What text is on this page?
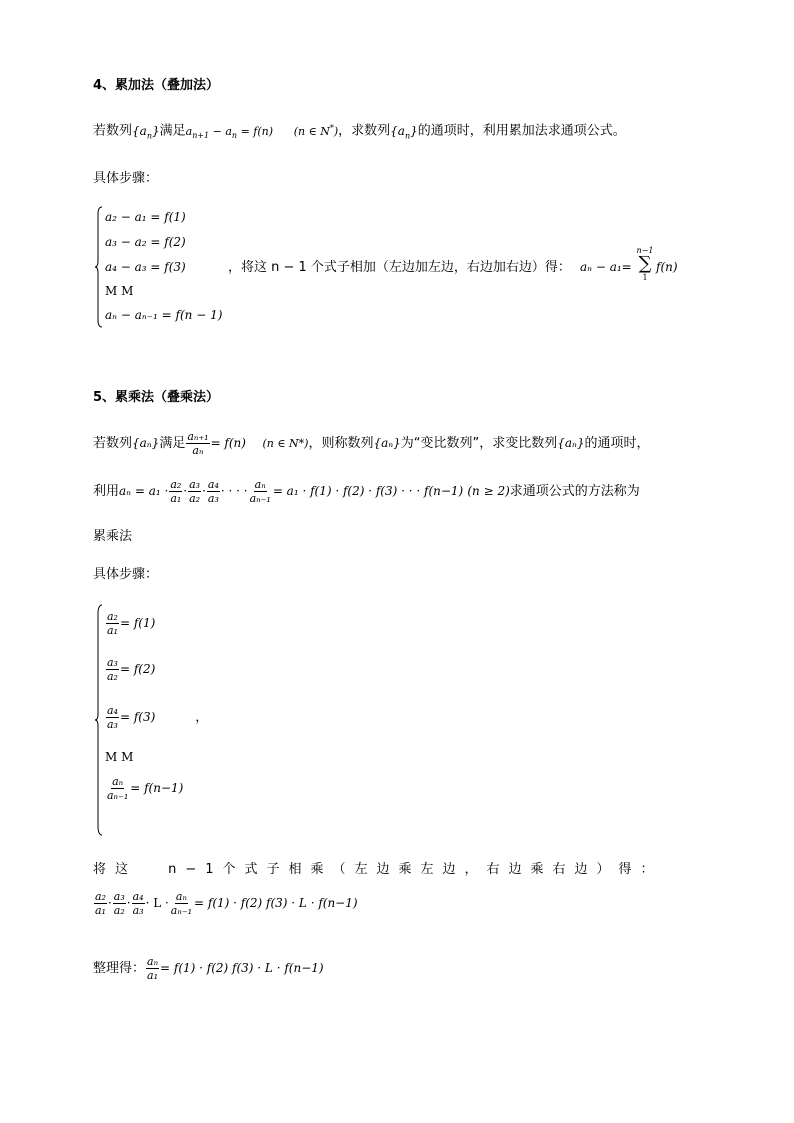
4、累加法（叠加法）
若数列$\{a_n\}$满足$a_{n+1} - a_n = f(n)$ (n ∈ N*)，求数列$\{a_n\}$的通项时，利用累加法求通项公式。
具体步骤：
a₂ − a₁ = f(1)
a₃ − a₂ = f(2)
a₄ − a₃ = f(3)
M M
aₙ − aₙ₋₁ = f(n − 1)
，将这 n − 1 个式子相加（左边加左边，右边加右边）得： aₙ − a₁=
n−1
∑
1
f(n)
5、累乘法（叠乘法）
若数列{aₙ}满足 $\frac{\text{aₙ₊₁}}{\text{aₙ}} = f(n)$ (n ∈ N*)，则称数列{aₙ}为“变比数列”，求变比数列{aₙ}的通项时，
利用$a_n = a_1 \cdot \frac{\text{a₂}}{\text{a₁}} \cdot \frac{\text{a₃}}{\text{a₂}} \cdot \frac{\text{a₄}}{\text{a₃}}$ · · · · $\frac{\text{aₙ}}{\text{aₙ₋₁}} = a_1 \cdot f(1) \cdot f(2) \cdot f(3)$ · · · f(n−1) (n ≥ 2)求通项公式的方法称为
累乘法
具体步骤：
$\frac{\text{a₂}}{\text{a₁}} = f(1)$
$\frac{\text{a₃}}{\text{a₂}} = f(2)$
$\frac{\text{a₄}}{\text{a₃}} = f(3)$	，
M M
$\frac{\text{aₙ}}{\text{aₙ₋₁}} = f(n-1)$
将这 n−1个式子相乘（左边乘左边，右边乘右边）得：
$\frac{\text{a₂}}{\text{a₁}} \cdot \frac{\text{a₃}}{\text{a₂}} \cdot \frac{\text{a₄}}{\text{a₃}} \cdot L \cdot \frac{\text{aₙ}}{\text{aₙ₋₁}} = f(1) \cdot f(2) f(3) \cdot L \cdot f(n-1)$
整理得： $\frac{\text{aₙ}}{\text{a₁}} = f(1) \cdot f(2) f(3) \cdot L \cdot f(n-1)$
